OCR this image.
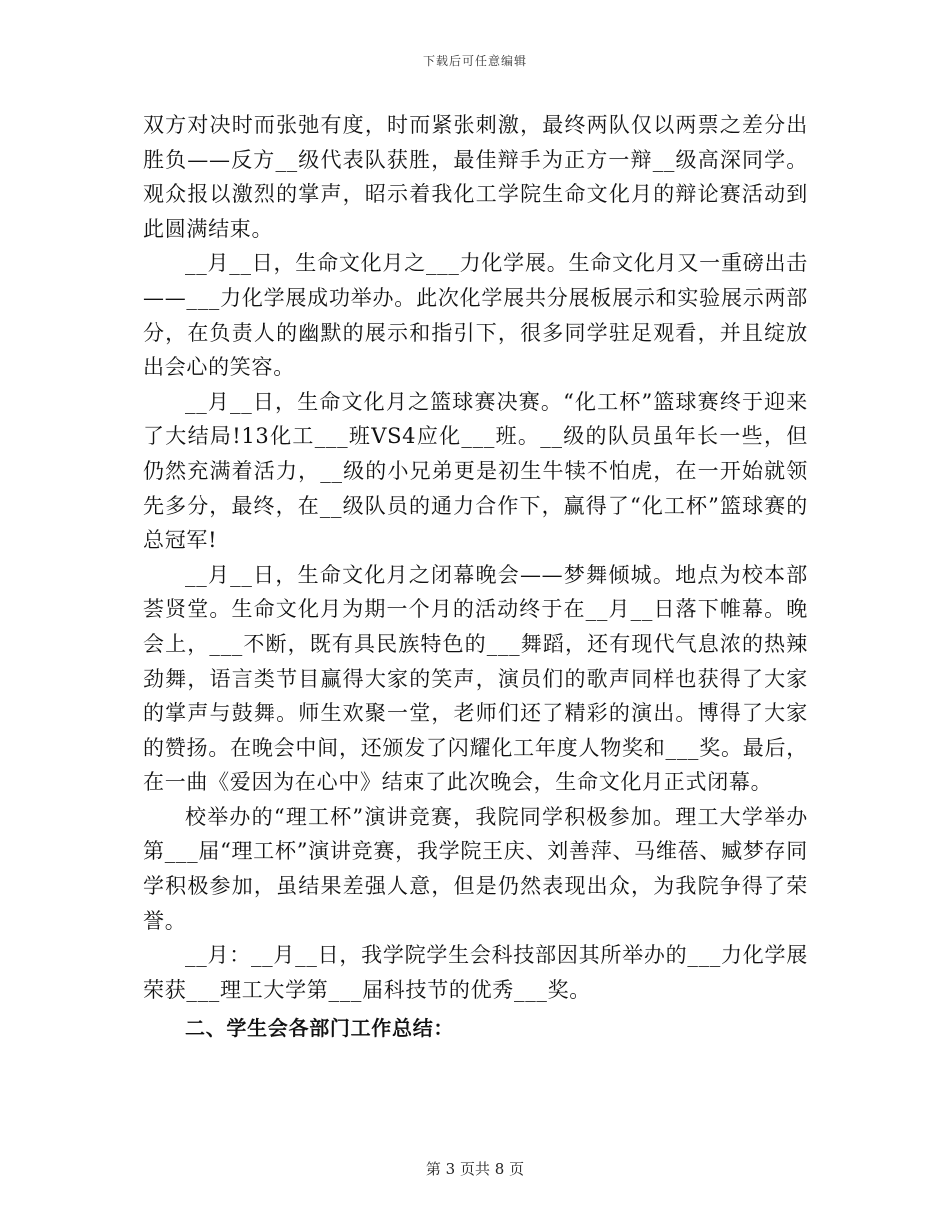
下载后可任意编辑

双方对决时而张弛有度，时而紧张刺激，最终两队仅以两票之差分出胜负——反方__级代表队获胜，最佳辩手为正方一辩__级高深同学。观众报以激烈的掌声，昭示着我化工学院生命文化月的辩论赛活动到此圆满结束。

__月__日，生命文化月之___力化学展。生命文化月又一重磅出击——___力化学展成功举办。此次化学展共分展板展示和实验展示两部分，在负责人的幽默的展示和指引下，很多同学驻足观看，并且绽放出会心的笑容。

__月__日，生命文化月之篮球赛决赛。“化工杯”篮球赛终于迎来了大结局!13化工___班VS4应化___班。__级的队员虽年长一些，但仍然充满着活力，__级的小兄弟更是初生牛犊不怕虎，在一开始就领先多分，最终，在__级队员的通力合作下，赢得了“化工杯”篮球赛的总冠军!

__月__日，生命文化月之闭幕晚会——梦舞倾城。地点为校本部荟贤堂。生命文化月为期一个月的活动终于在__月__日落下帷幕。晚会上，___不断，既有具民族特色的___舞蹈，还有现代气息浓的热辣劲舞，语言类节目赢得大家的笑声，演员们的歌声同样也获得了大家的掌声与鼓舞。师生欢聚一堂，老师们还了精彩的演出。博得了大家的赞扬。在晚会中间，还颁发了闪耀化工年度人物奖和___奖。最后，在一曲《爱因为在心中》结束了此次晚会，生命文化月正式闭幕。

校举办的“理工杯”演讲竞赛，我院同学积极参加。理工大学举办第___届“理工杯”演讲竞赛，我学院王庆、刘善萍、马维蓓、臧梦存同学积极参加，虽结果差强人意，但是仍然表现出众，为我院争得了荣誉。

__月：__月__日，我学院学生会科技部因其所举办的___力化学展荣获___理工大学第___届科技节的优秀___奖。

二、学生会各部门工作总结：

第 3 页共 8 页
